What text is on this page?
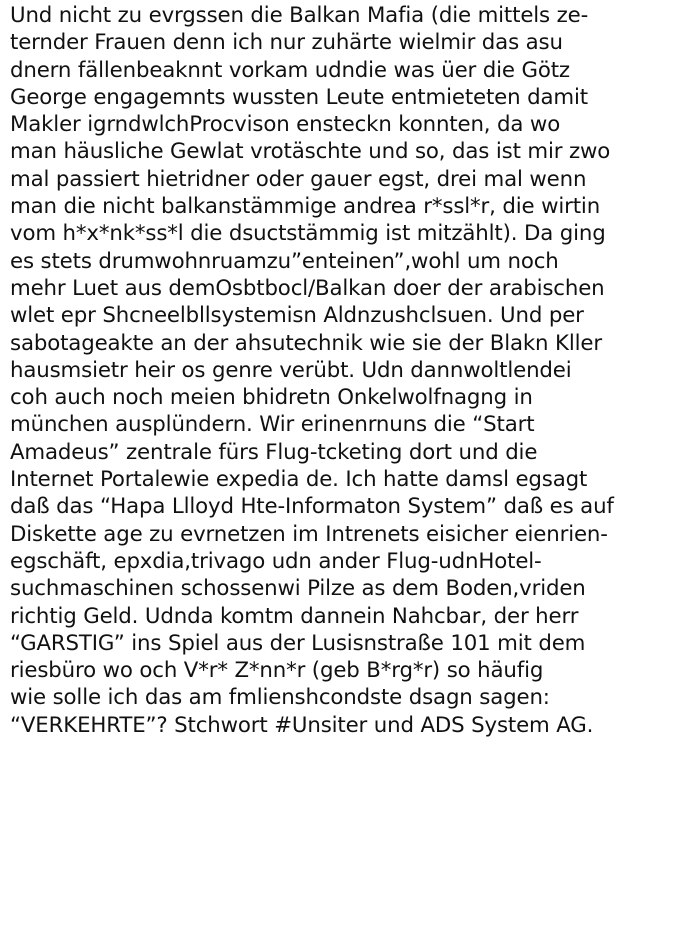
Und nicht zu evrgssen die Balkan Mafia (die mittels ze-
ternder Frauen denn ich nur zuhärte wielmir das asu
dnern fällenbeaknnt vorkam udndie was üer die Götz
George engagemnts wussten Leute entmieteten damit
Makler igrndwlchProcvison ensteckn konnten, da wo
man häusliche Gewlat vrotäschte und so, das ist mir zwo
mal passiert hietridner oder gauer egst, drei mal wenn
man die nicht balkanstämmige andrea r*ssl*r, die wirtin
vom h*x*nk*ss*l die dsuctstämmig ist mitzählt). Da ging
es stets drumwohnruamzu”enteinen”,wohl um noch
mehr Luet aus demOsbtbocl/Balkan doer der arabischen
wlet epr Shcneelbllsystemisn Aldnzushclsuen. Und per
sabotageakte an der ahsutechnik wie sie der Blakn Kller
hausmsietr heir os genre verübt. Udn dannwoltlendei
coh auch noch meien bhidretn Onkelwolfnagng in
münchen ausplündern. Wir erinenrnuns die “Start
Amadeus” zentrale fürs Flug-tcketing dort und die
Internet Portalewie expedia de. Ich hatte damsl egsagt
daß das “Hapa Llloyd Hte-Informaton System” daß es auf
Diskette age zu evrnetzen im Intrenets eisicher eienrien-
egschäft, epxdia,trivago udn ander Flug-udnHotel-
suchmaschinen schossenwi Pilze as dem Boden,vriden
richtig Geld. Udnda komtm dannein Nahcbar, der herr
“GARSTIG” ins Spiel aus der Lusisnstraße 101 mit dem
riesbüro wo och V*r* Z*nn*r (geb B*rg*r) so häufig
wie solle ich das am fmlienshcondste dsagn sagen:
“VERKEHRTE”? Stchwort #Unsiter und ADS System AG.
